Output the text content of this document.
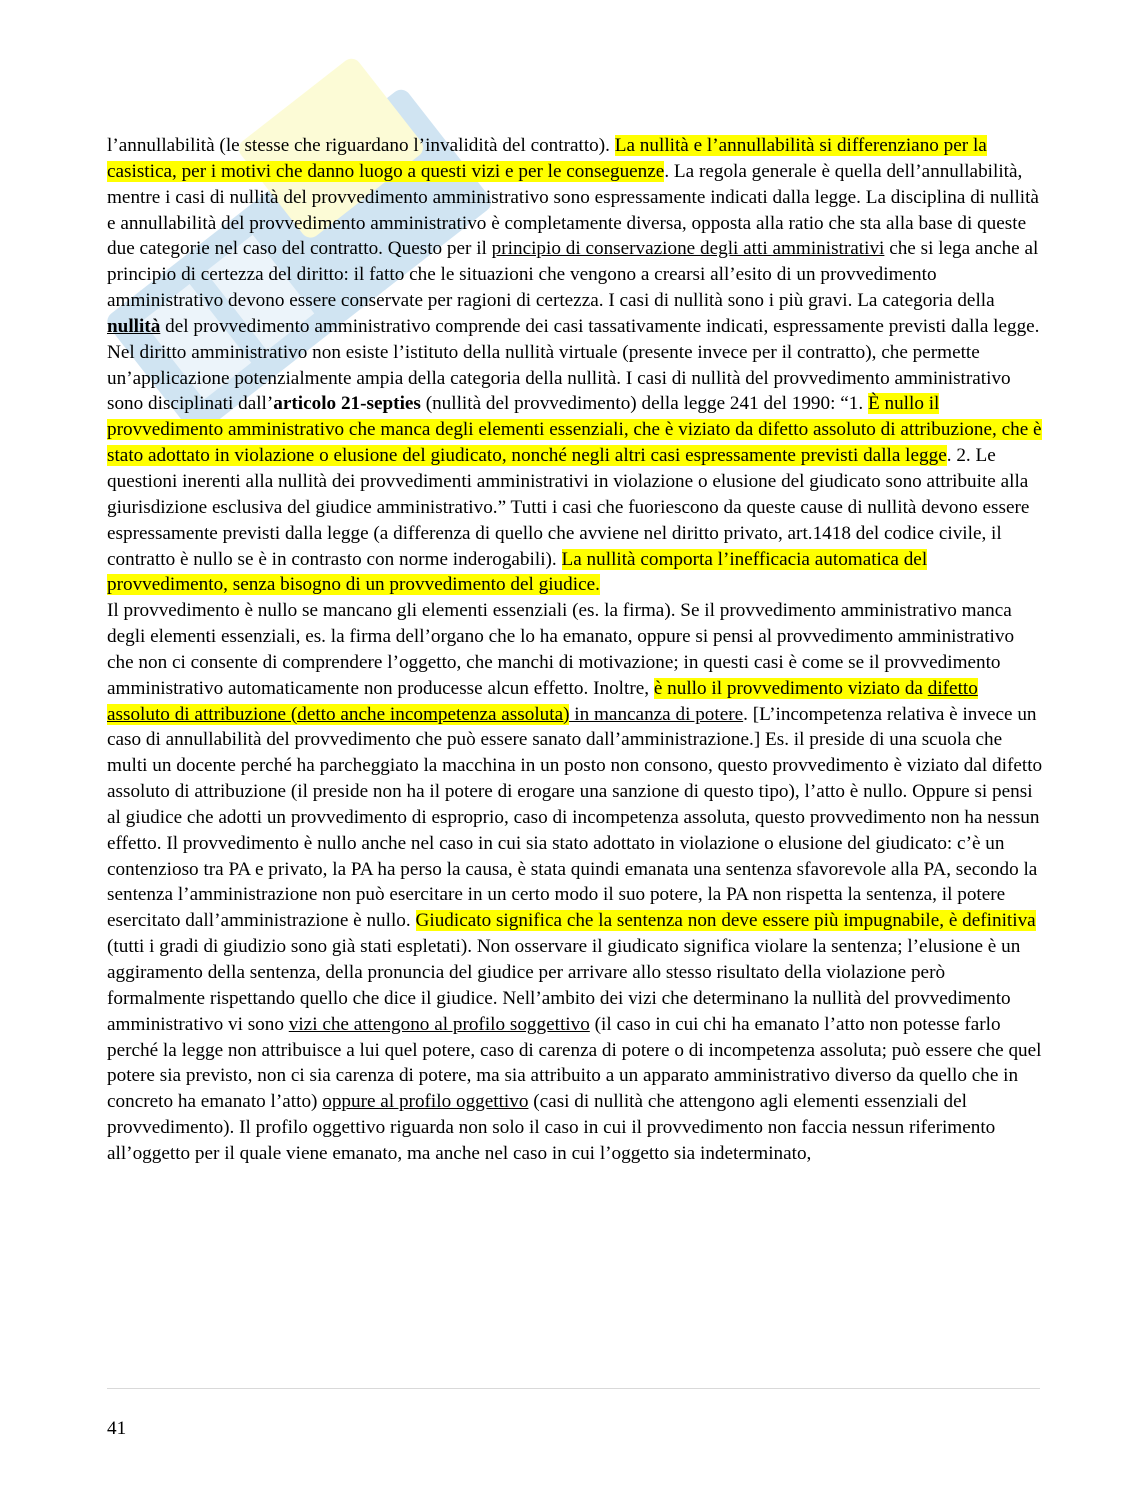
l’annullabilità (le stesse che riguardano l’invalidità del contratto). La nullità e l’annullabilità si differenziano per la casistica, per i motivi che danno luogo a questi vizi e per le conseguenze. La regola generale è quella dell’annullabilità, mentre i casi di nullità del provvedimento amministrativo sono espressamente indicati dalla legge. La disciplina di nullità e annullabilità del provvedimento amministrativo è completamente diversa, opposta alla ratio che sta alla base di queste due categorie nel caso del contratto. Questo per il principio di conservazione degli atti amministrativi che si lega anche al principio di certezza del diritto: il fatto che le situazioni che vengono a crearsi all’esito di un provvedimento amministrativo devono essere conservate per ragioni di certezza. I casi di nullità sono i più gravi. La categoria della nullità del provvedimento amministrativo comprende dei casi tassativamente indicati, espressamente previsti dalla legge. Nel diritto amministrativo non esiste l’istituto della nullità virtuale (presente invece per il contratto), che permette un’applicazione potenzialmente ampia della categoria della nullità. I casi di nullità del provvedimento amministrativo sono disciplinati dall’articolo 21-septies (nullità del provvedimento) della legge 241 del 1990: “1. È nullo il provvedimento amministrativo che manca degli elementi essenziali, che è viziato da difetto assoluto di attribuzione, che è stato adottato in violazione o elusione del giudicato, nonché negli altri casi espressamente previsti dalla legge. 2. Le questioni inerenti alla nullità dei provvedimenti amministrativi in violazione o elusione del giudicato sono attribuite alla giurisdizione esclusiva del giudice amministrativo.” Tutti i casi che fuoriescono da queste cause di nullità devono essere espressamente previsti dalla legge (a differenza di quello che avviene nel diritto privato, art.1418 del codice civile, il contratto è nullo se è in contrasto con norme inderogabili). La nullità comporta l’inefficacia automatica del provvedimento, senza bisogno di un provvedimento del giudice.

Il provvedimento è nullo se mancano gli elementi essenziali (es. la firma). Se il provvedimento amministrativo manca degli elementi essenziali, es. la firma dell’organo che lo ha emanato, oppure si pensi al provvedimento amministrativo che non ci consente di comprendere l’oggetto, che manchi di motivazione; in questi casi è come se il provvedimento amministrativo automaticamente non producesse alcun effetto. Inoltre, è nullo il provvedimento viziato da difetto assoluto di attribuzione (detto anche incompetenza assoluta) in mancanza di potere. [L’incompetenza relativa è invece un caso di annullabilità del provvedimento che può essere sanato dall’amministrazione.] Es. il preside di una scuola che multi un docente perché ha parcheggiato la macchina in un posto non consono, questo provvedimento è viziato dal difetto assoluto di attribuzione (il preside non ha il potere di erogare una sanzione di questo tipo), l’atto è nullo. Oppure si pensi al giudice che adotti un provvedimento di esproprio, caso di incompetenza assoluta, questo provvedimento non ha nessun effetto. Il provvedimento è nullo anche nel caso in cui sia stato adottato in violazione o elusione del giudicato: c’è un contenzioso tra PA e privato, la PA ha perso la causa, è stata quindi emanata una sentenza sfavorevole alla PA, secondo la sentenza l’amministrazione non può esercitare in un certo modo il suo potere, la PA non rispetta la sentenza, il potere esercitato dall’amministrazione è nullo. Giudicato significa che la sentenza non deve essere più impugnabile, è definitiva (tutti i gradi di giudizio sono già stati espletati). Non osservare il giudicato significa violare la sentenza; l’elusione è un aggiramento della sentenza, della pronuncia del giudice per arrivare allo stesso risultato della violazione però formalmente rispettando quello che dice il giudice. Nell’ambito dei vizi che determinano la nullità del provvedimento amministrativo vi sono vizi che attengono al profilo soggettivo (il caso in cui chi ha emanato l’atto non potesse farlo perché la legge non attribuisce a lui quel potere, caso di carenza di potere o di incompetenza assoluta; può essere che quel potere sia previsto, non ci sia carenza di potere, ma sia attribuito a un apparato amministrativo diverso da quello che in concreto ha emanato l’atto) oppure al profilo oggettivo (casi di nullità che attengono agli elementi essenziali del provvedimento). Il profilo oggettivo riguarda non solo il caso in cui il provvedimento non faccia nessun riferimento all’oggetto per il quale viene emanato, ma anche nel caso in cui l’oggetto sia indeterminato,

41
